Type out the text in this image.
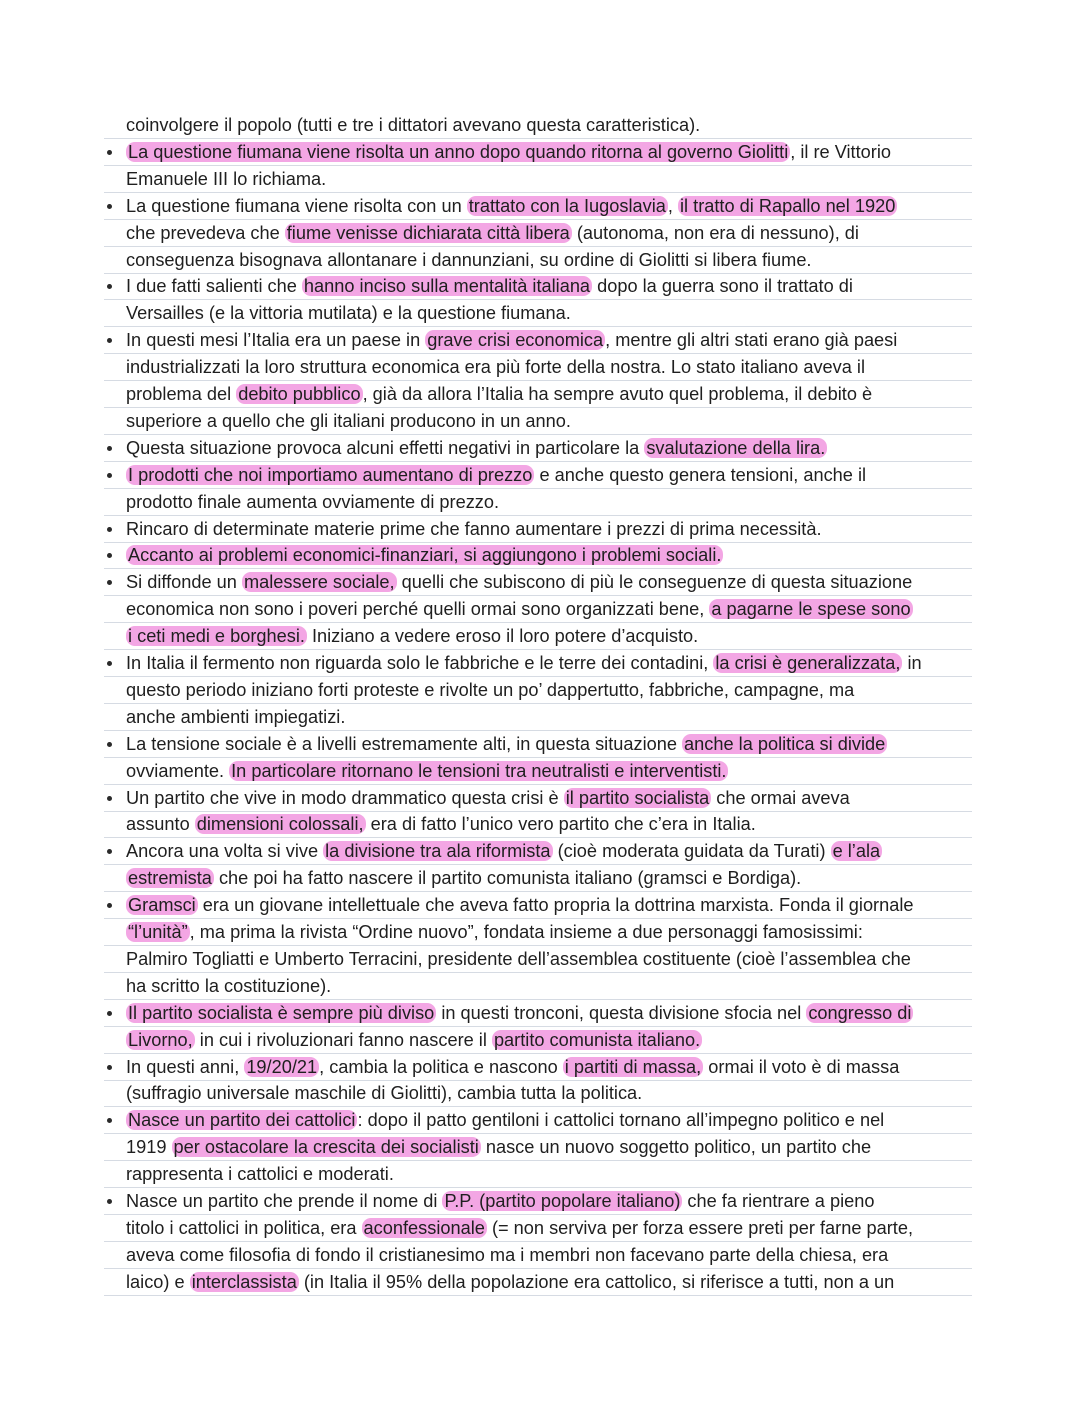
coinvolgere il popolo (tutti e tre i dittatori avevano questa caratteristica).
La questione fiumana viene risolta un anno dopo quando ritorna al governo Giolitti , il re Vittorio
Emanuele III lo richiama.
La questione fiumana viene risolta con un trattato con la Iugoslavia , il tratto di Rapallo nel 1920
che prevedeva che fiume venisse dichiarata città libera (autonoma, non era di nessuno), di
conseguenza bisognava allontanare i dannunziani, su ordine di Giolitti si libera fiume.
I due fatti salienti che hanno inciso sulla mentalità italiana dopo la guerra sono il trattato di
Versailles (e la vittoria mutilata) e la questione fiumana.
In questi mesi l’Italia era un paese in grave crisi economica , mentre gli altri stati erano già paesi
industrializzati la loro struttura economica era più forte della nostra. Lo stato italiano aveva il
problema del debito pubblico , già da allora l’Italia ha sempre avuto quel problema, il debito è
superiore a quello che gli italiani producono in un anno.
Questa situazione provoca alcuni effetti negativi in particolare la svalutazione della lira.
I prodotti che noi importiamo aumentano di prezzo e anche questo genera tensioni, anche il
prodotto finale aumenta ovviamente di prezzo.
Rincaro di determinate materie prime che fanno aumentare i prezzi di prima necessità.
Accanto ai problemi economici-finanziari, si aggiungono i problemi sociali.
Si diffonde un malessere sociale, quelli che subiscono di più le conseguenze di questa situazione
economica non sono i poveri perché quelli ormai sono organizzati bene, a pagarne le spese sono
i ceti medi e borghesi. Iniziano a vedere eroso il loro potere d’acquisto.
In Italia il fermento non riguarda solo le fabbriche e le terre dei contadini, la crisi è generalizzata, in
questo periodo iniziano forti proteste e rivolte un po’ dappertutto, fabbriche, campagne, ma
anche ambienti impiegatizi.
La tensione sociale è a livelli estremamente alti, in questa situazione anche la politica si divide
ovviamente. In particolare ritornano le tensioni tra neutralisti e interventisti.
Un partito che vive in modo drammatico questa crisi è il partito socialista che ormai aveva
assunto dimensioni colossali, era di fatto l’unico vero partito che c’era in Italia.
Ancora una volta si vive la divisione tra ala riformista (cioè moderata guidata da Turati) e l’ala
estremista che poi ha fatto nascere il partito comunista italiano (gramsci e Bordiga).
Gramsci era un giovane intellettuale che aveva fatto propria la dottrina marxista. Fonda il giornale
“l’unità” , ma prima la rivista “Ordine nuovo”, fondata insieme a due personaggi famosissimi:
Palmiro Togliatti e Umberto Terracini, presidente dell’assemblea costituente (cioè l’assemblea che
ha scritto la costituzione).
Il partito socialista è sempre più diviso in questi tronconi, questa divisione sfocia nel congresso di
Livorno, in cui i rivoluzionari fanno nascere il partito comunista italiano.
In questi anni, 19/20/21 , cambia la politica e nascono i partiti di massa, ormai il voto è di massa
(suffragio universale maschile di Giolitti), cambia tutta la politica.
Nasce un partito dei cattolici : dopo il patto gentiloni i cattolici tornano all’impegno politico e nel
1919 per ostacolare la crescita dei socialisti nasce un nuovo soggetto politico, un partito che
rappresenta i cattolici e moderati.
Nasce un partito che prende il nome di P.P. (partito popolare italiano) che fa rientrare a pieno
titolo i cattolici in politica, era aconfessionale (= non serviva per forza essere preti per farne parte,
aveva come filosofia di fondo il cristianesimo ma i membri non facevano parte della chiesa, era
laico) e interclassista (in Italia il 95% della popolazione era cattolico, si riferisce a tutti, non a un
